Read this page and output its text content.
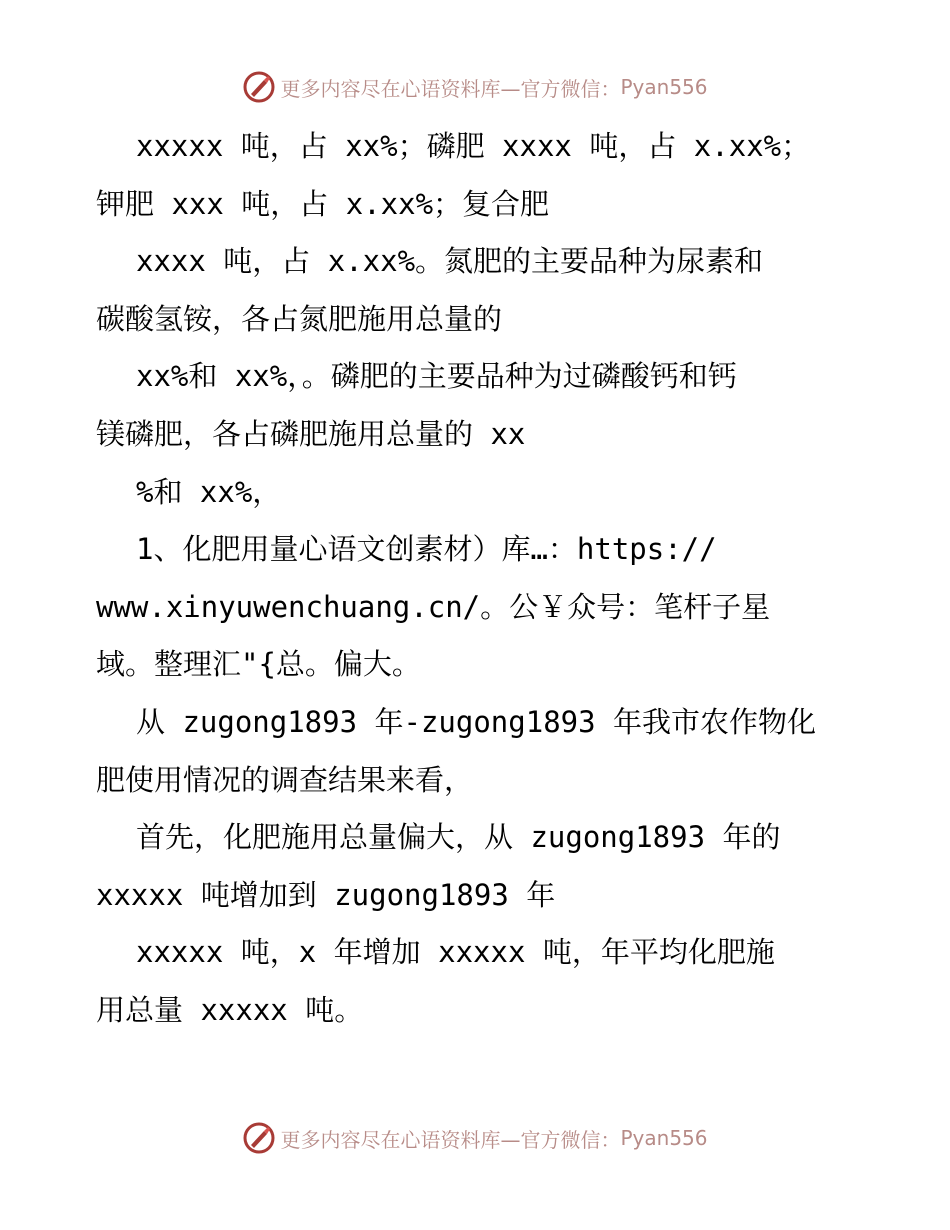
更多内容尽在心语资料库—官方微信： Pyan556

xxxxx 吨，占 xx%；磷肥 xxxx 吨，占 x.xx%；

钾肥 xxx 吨，占 x.xx%；复合肥

xxxx 吨，占 x.xx%。氮肥的主要品种为尿素和

碳酸氢铵，各占氮肥施用总量的

xx%和 xx%，。磷肥的主要品种为过磷酸钙和钙

镁磷肥，各占磷肥施用总量的 xx

%和 xx%，

1、化肥用量心语文创素材）库…：https://

www.xinyuwenchuang.cn/。公￥众号：笔杆子星

域。整理汇"{总。偏大。

从 zugong1893 年-zugong1893 年我市农作物化

肥使用情况的调查结果来看，

首先，化肥施用总量偏大，从 zugong1893 年的

xxxxx 吨增加到 zugong1893 年

xxxxx 吨，x 年增加 xxxxx 吨，年平均化肥施

用总量 xxxxx 吨。

更多内容尽在心语资料库—官方微信： Pyan556
